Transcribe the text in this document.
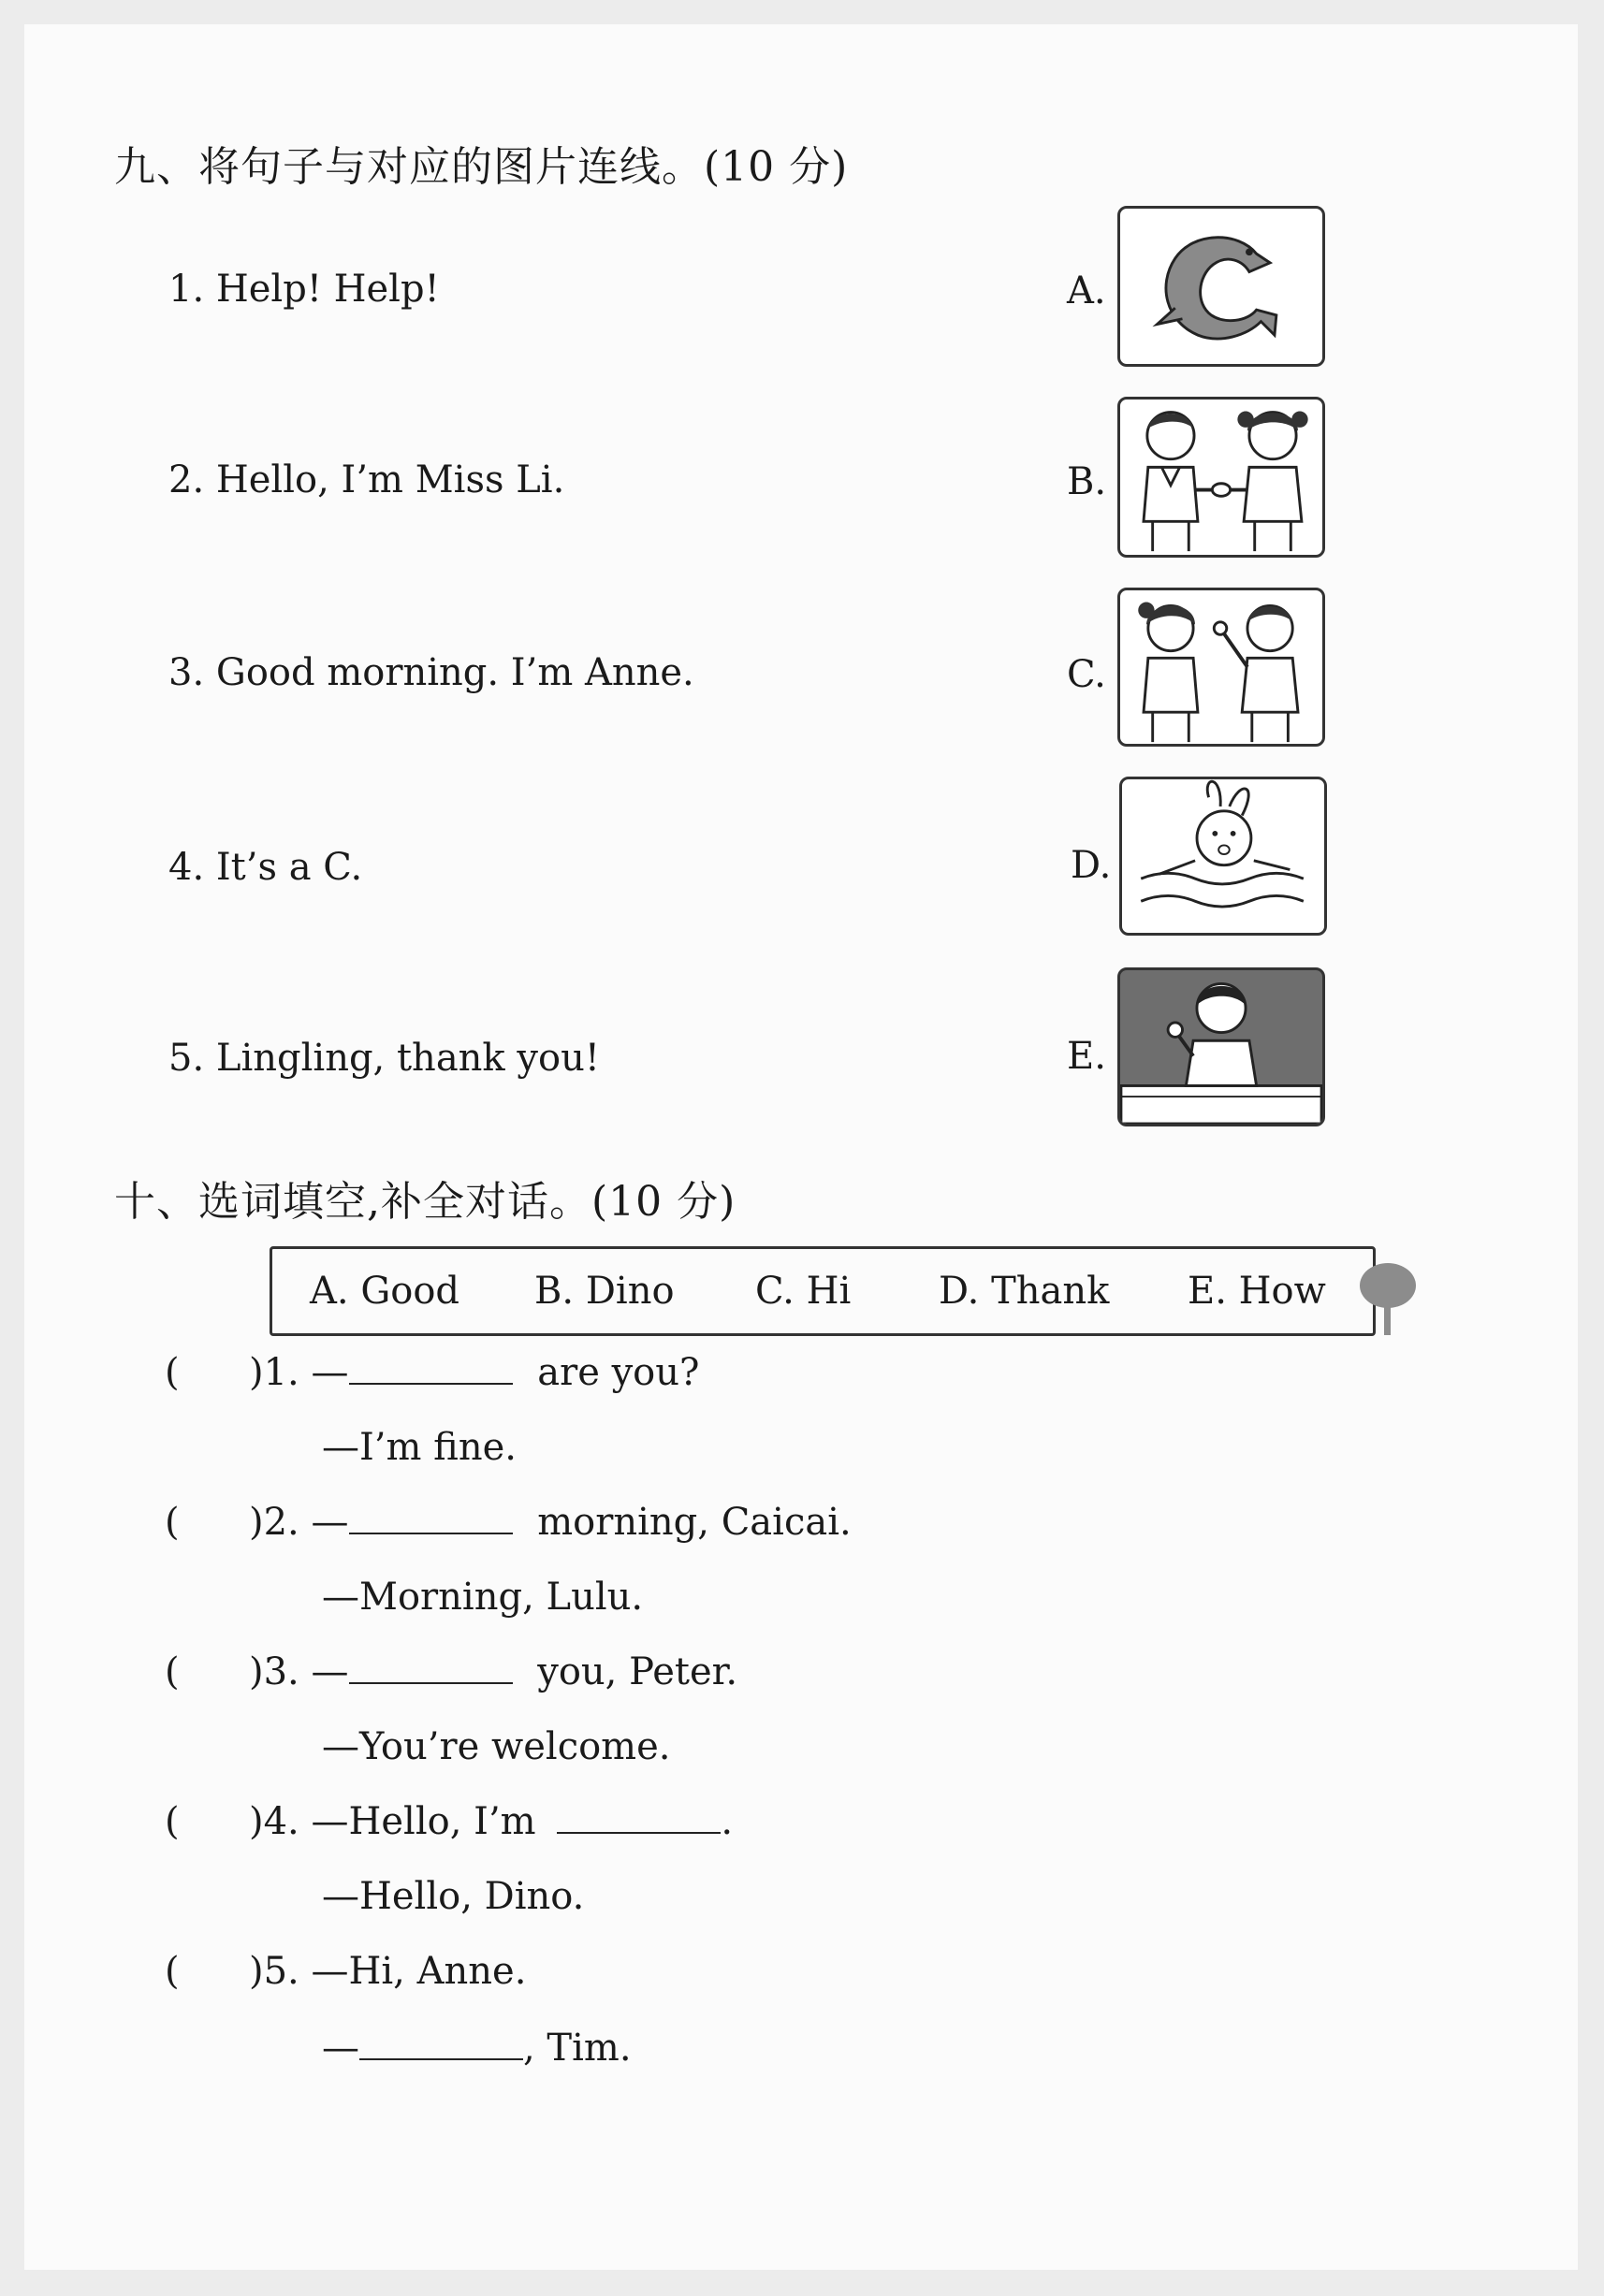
九、将句子与对应的图片连线。(10 分)
1. Help! Help!
2. Hello, I’m Miss Li.
3. Good morning. I’m Anne.
4. It’s a C.
5. Lingling, thank you!
A.
B.
C.
D.
E.
十、选词填空,补全对话。(10 分)
A. Good B. Dino C. Hi D. Thank E. How
( )1. —	are you?
—I’m fine.
( )2. —	morning, Caicai.
—Morning, Lulu.
( )3. —	you, Peter.
—You’re welcome.
( )4. —Hello, I’m	.
—Hello, Dino.
( )5. —Hi, Anne.
—	, Tim.
